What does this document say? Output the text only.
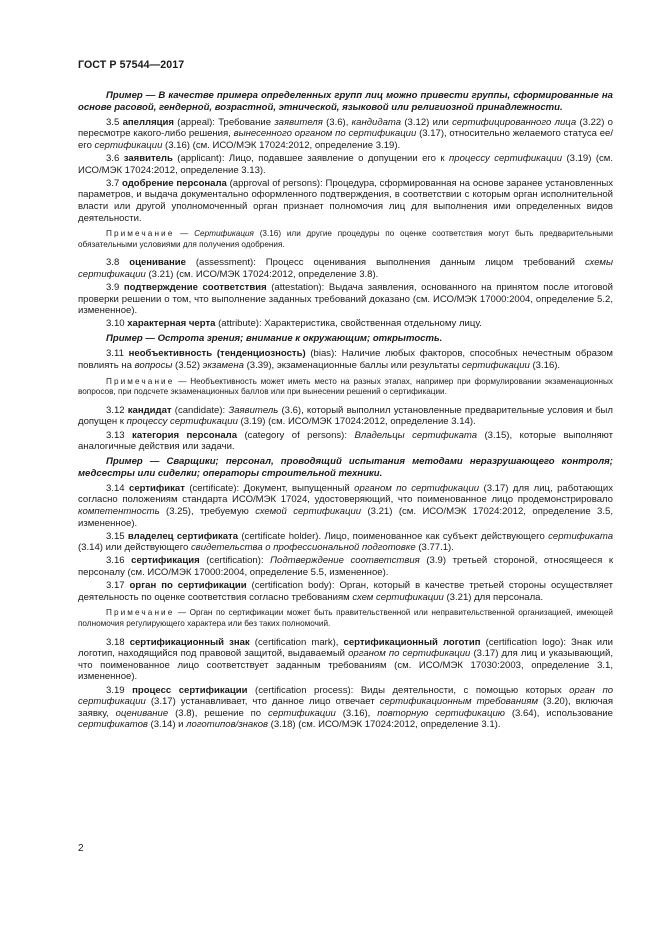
ГОСТ Р 57544—2017

Пример — В качестве примера определенных групп лиц можно привести группы, сформированные на основе расовой, гендерной, возрастной, этнической, языковой или религиозной принадлежности.

3.5 апелляция (appeal): Требование заявителя (3.6), кандидата (3.12) или сертифицированного лица (3.22) о пересмотре какого-либо решения, вынесенного органом по сертификации (3.17), относительно желаемого статуса ее/его сертификации (3.16) (см. ИСО/МЭК 17024:2012, определение 3.19).

3.6 заявитель (applicant): Лицо, подавшее заявление о допущении его к процессу сертификации (3.19) (см. ИСО/МЭК 17024:2012, определение 3.13).

3.7 одобрение персонала (approval of persons): Процедура, сформированная на основе заранее установленных параметров, и выдача документально оформленного подтверждения, в соответствии с которым орган исполнительной власти или другой уполномоченный орган признает полномочия лиц для выполнения ими определенных видов деятельности.

Примечание — Сертификация (3.16) или другие процедуры по оценке соответствия могут быть предварительными обязательными условиями для получения одобрения.

3.8 оценивание (assessment): Процесс оценивания выполнения данным лицом требований схемы сертификации (3.21) (см. ИСО/МЭК 17024:2012, определение 3.8).

3.9 подтверждение соответствия (attestation): Выдача заявления, основанного на принятом после итоговой проверки решении о том, что выполнение заданных требований доказано (см. ИСО/МЭК 17000:2004, определение 5.2, измененное).

3.10 характерная черта (attribute): Характеристика, свойственная отдельному лицу.

Пример — Острота зрения; внимание к окружающим; открытость.

3.11 необъективность (тенденциозность) (bias): Наличие любых факторов, способных нечестным образом повлиять на вопросы (3.52) экзамена (3.39), экзаменационные баллы или результаты сертификации (3.16).

Примечание — Необъективность может иметь место на разных этапах, например при формулировании экзаменационных вопросов, при подсчете экзаменационных баллов или при вынесении решений о сертификации.

3.12 кандидат (candidate): Заявитель (3.6), который выполнил установленные предварительные условия и был допущен к процессу сертификации (3.19) (см. ИСО/МЭК 17024:2012, определение 3.14).

3.13 категория персонала (category of persons): Владельцы сертификата (3.15), которые выполняют аналогичные действия или задачи.

Пример — Сварщики; персонал, проводящий испытания методами неразрушающего контроля; медсестры или сиделки; операторы строительной техники.

3.14 сертификат (certificate): Документ, выпущенный органом по сертификации (3.17) для лиц, работающих согласно положениям стандарта ИСО/МЭК 17024, удостоверяющий, что поименованное лицо продемонстрировало компетентность (3.25), требуемую схемой сертификации (3.21) (см. ИСО/МЭК 17024:2012, определение 3.5, измененное).

3.15 владелец сертификата (certificate holder). Лицо, поименованное как субъект действующего сертификата (3.14) или действующего свидетельства о профессиональной подготовке (3.77.1).

3.16 сертификация (certification): Подтверждение соответствия (3.9) третьей стороной, относящееся к персоналу (см. ИСО/МЭК 17000:2004, определение 5.5, измененное).

3.17 орган по сертификации (certification body): Орган, который в качестве третьей стороны осуществляет деятельность по оценке соответствия согласно требованиям схем сертификации (3.21) для персонала.

Примечание — Орган по сертификации может быть правительственной или неправительственной организацией, имеющей полномочия регулирующего характера или без таких полномочий.

3.18 сертификационный знак (certification mark), сертификационный логотип (certification logo): Знак или логотип, находящийся под правовой защитой, выдаваемый органом по сертификации (3.17) для лиц и указывающий, что поименованное лицо соответствует заданным требованиям (см. ИСО/МЭК 17030:2003, определение 3.1, измененное).

3.19 процесс сертификации (certification process): Виды деятельности, с помощью которых орган по сертификации (3.17) устанавливает, что данное лицо отвечает сертификационным требованиям (3.20), включая заявку, оценивание (3.8), решение по сертификации (3.16), повторную сертификацию (3.64), использование сертификатов (3.14) и логотипов/знаков (3.18) (см. ИСО/МЭК 17024:2012, определение 3.1).

2
